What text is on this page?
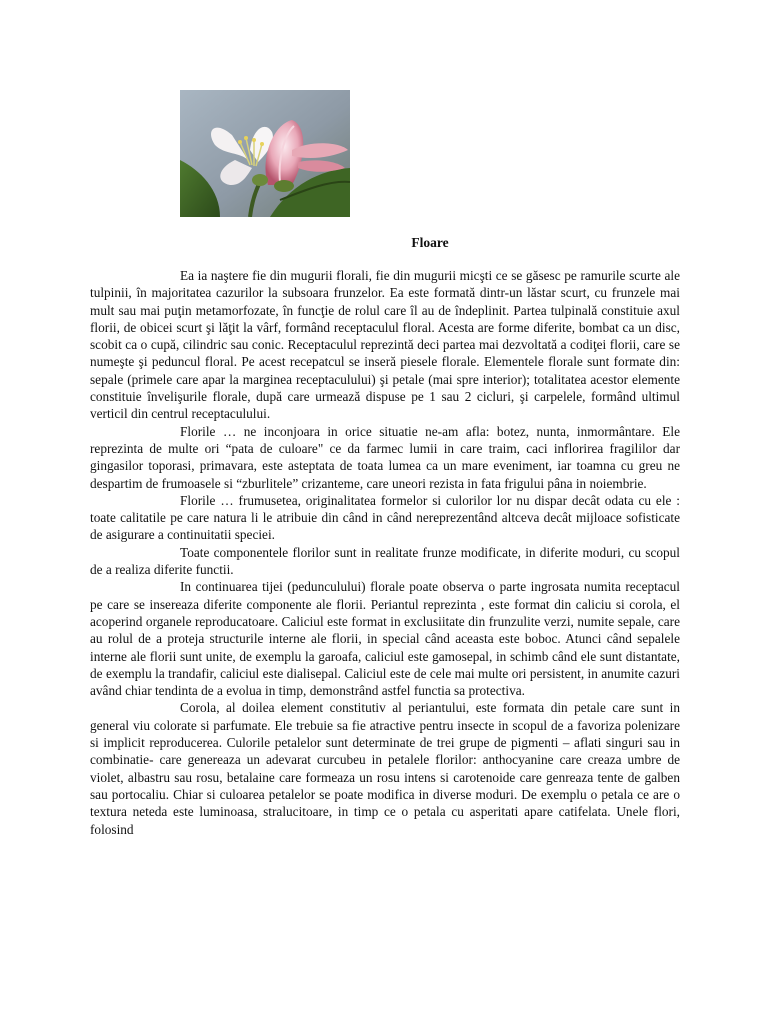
Floare

Ea ia naştere fie din mugurii florali, fie din mugurii micşti ce se găsesc pe ramurile scurte ale tulpinii, în majoritatea cazurilor la subsoara frunzelor. Ea este formată dintr-un lăstar scurt, cu frunzele mai mult sau mai puţin metamorfozate, în funcţie de rolul care îl au de îndeplinit. Partea tulpinală constituie axul florii, de obicei scurt şi lăţit la vârf, formând receptaculul floral. Acesta are forme diferite, bombat ca un disc, scobit ca o cupă, cilindric sau conic. Receptaculul reprezintă deci partea mai dezvoltată a codiţei florii, care se numeşte şi peduncul floral. Pe acest recepatcul se inseră piesele florale. Elementele florale sunt formate din: sepale (primele care apar la marginea receptaculului) şi petale (mai spre interior); totalitatea acestor elemente constituie învelişurile florale, după care urmează dispuse pe 1 sau 2 cicluri, şi carpelele, formând ultimul verticil din centrul receptaculului.

Florile … ne inconjoara in orice situatie ne-am afla: botez, nunta, inmormântare. Ele reprezinta de multe ori “pata de culoare" ce da farmec lumii in care traim, caci inflorirea fragililor dar gingasilor toporasi, primavara, este asteptata de toata lumea ca un mare eveniment, iar toamna cu greu ne despartim de frumoasele si “zburlitele” crizanteme, care uneori rezista in fata frigului pâna in noiembrie.

Florile … frumusetea, originalitatea formelor si culorilor lor nu dispar decât odata cu ele : toate calitatile pe care natura li le atribuie din când in când nereprezentând altceva decât mijloace sofisticate de asigurare a continuitatii speciei.

Toate componentele florilor sunt in realitate frunze modificate, in diferite moduri, cu scopul de a realiza diferite functii.

In continuarea tijei (pedunculului) florale poate observa o parte ingrosata numita receptacul pe care se insereaza diferite componente ale florii. Periantul reprezinta , este format din caliciu si corola, el acoperind organele reproducatoare. Caliciul este format in exclusiitate din frunzulite verzi, numite sepale, care au rolul de a proteja structurile interne ale florii, in special când aceasta este boboc. Atunci când sepalele interne ale florii sunt unite, de exemplu la garoafa, caliciul este gamosepal, in schimb când ele sunt distantate, de exemplu la trandafir, caliciul este dialisepal. Caliciul este de cele mai multe ori persistent, in anumite cazuri având chiar tendinta de a evolua in timp, demonstrând astfel functia sa protectiva.

Corola, al doilea element constitutiv al periantului, este formata din petale care sunt in general viu colorate si parfumate. Ele trebuie sa fie atractive pentru insecte in scopul de a favoriza polenizare si implicit reproducerea. Culorile petalelor sunt determinate de trei grupe de pigmenti – aflati singuri sau in combinatie- care genereaza un adevarat curcubeu in petalele florilor: anthocyanine care creaza umbre de violet, albastru sau rosu, betalaine care formeaza un rosu intens si carotenoide care genreaza tente de galben sau portocaliu. Chiar si culoarea petalelor se poate modifica in diverse moduri. De exemplu o petala ce are o textura neteda este luminoasa, stralucitoare, in timp ce o petala cu asperitati apare catifelata. Unele flori, folosind
